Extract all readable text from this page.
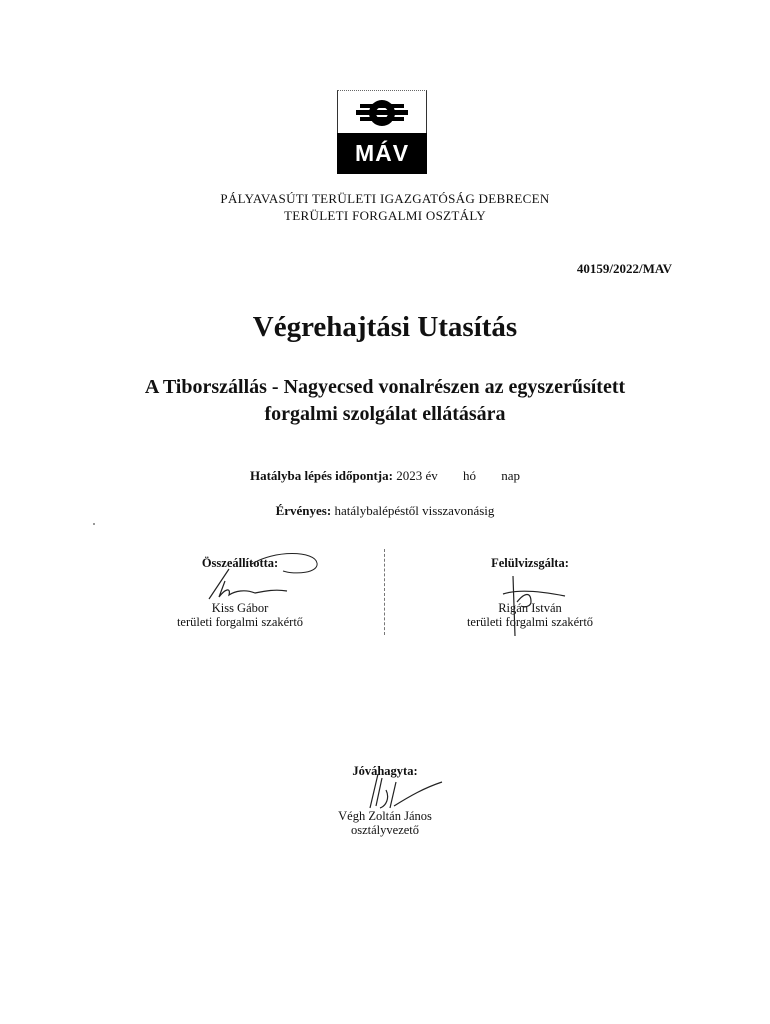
MÁV
PÁLYAVASÚTI TERÜLETI IGAZGATÓSÁG DEBRECEN
TERÜLETI FORGALMI OSZTÁLY
40159/2022/MAV
Végrehajtási Utasítás
A Tiborszállás - Nagyecsed vonalrészen az egyszerűsített
forgalmi szolgálat ellátására
Hatályba lépés időpontja: 2023 év hó nap
Érvényes: hatálybalépéstől visszavonásig
Összeállította:
Kiss Gábor
területi forgalmi szakértő
Felülvizsgálta:
Rigán István
területi forgalmi szakértő
Jóváhagyta:
Végh Zoltán János
osztályvezető
